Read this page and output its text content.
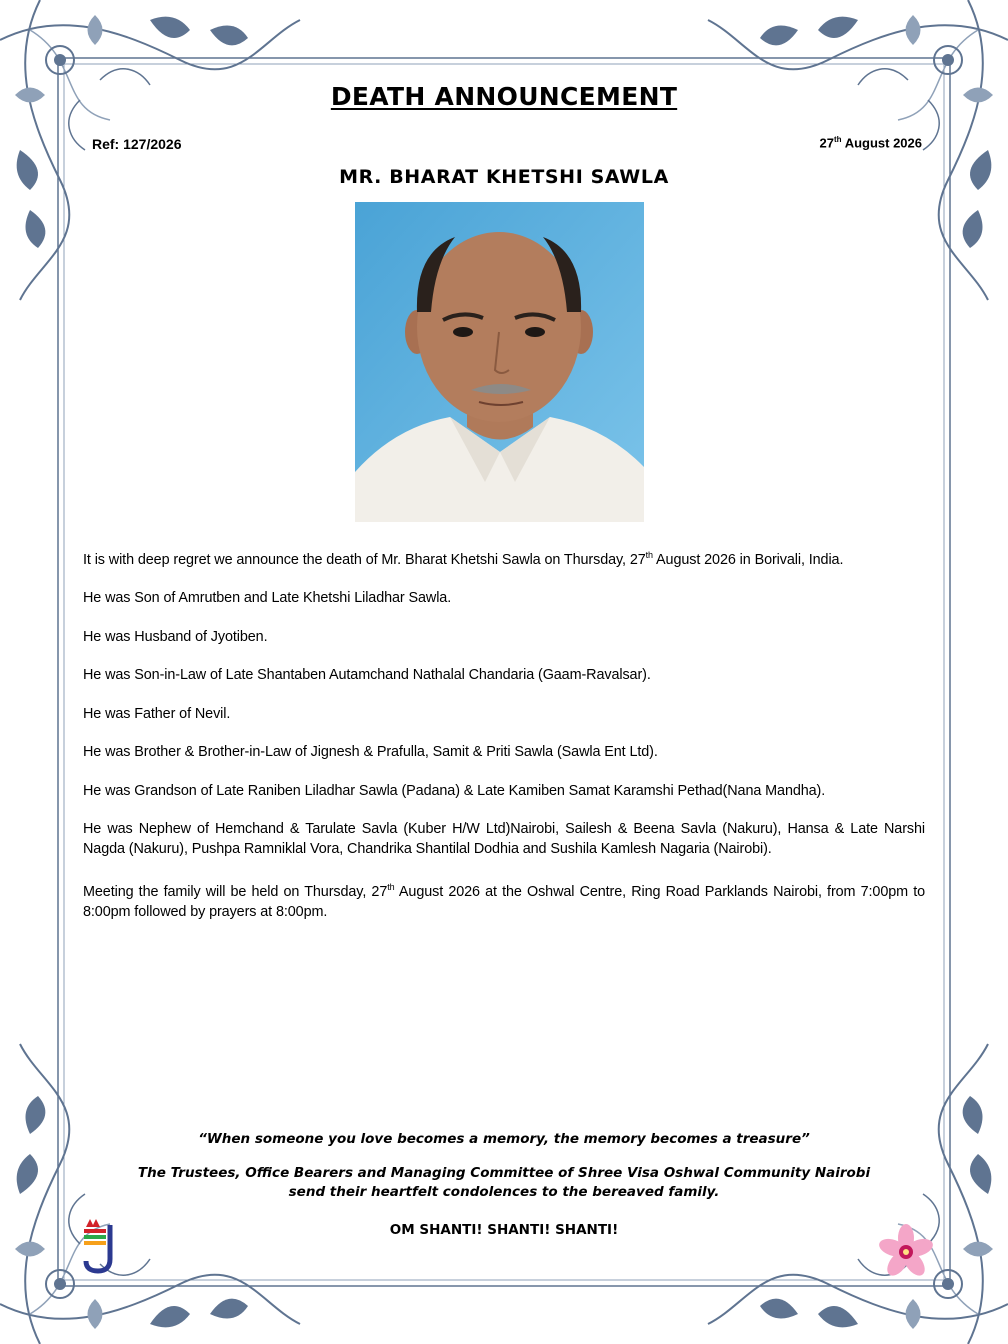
DEATH ANNOUNCEMENT
Ref: 127/2026	27th August 2026
MR. BHARAT KHETSHI SAWLA

It is with deep regret we announce the death of Mr. Bharat Khetshi Sawla on Thursday, 27th August 2026 in Borivali, India.

He was Son of Amrutben and Late Khetshi Liladhar Sawla.

He was Husband of Jyotiben.

He was Son-in-Law of Late Shantaben Autamchand Nathalal Chandaria (Gaam-Ravalsar).

He was Father of Nevil.

He was Brother & Brother-in-Law of Jignesh & Prafulla, Samit & Priti Sawla (Sawla Ent Ltd).

He was Grandson of Late Raniben Liladhar Sawla (Padana) & Late Kamiben Samat Karamshi Pethad(Nana Mandha).

He was Nephew of Hemchand & Tarulate Savla (Kuber H/W Ltd)Nairobi, Sailesh & Beena Savla (Nakuru), Hansa & Late Narshi Nagda (Nakuru), Pushpa Ramniklal Vora, Chandrika Shantilal Dodhia and Sushila Kamlesh Nagaria (Nairobi).

Meeting the family will be held on Thursday, 27th August 2026 at the Oshwal Centre, Ring Road Parklands Nairobi, from 7:00pm to 8:00pm followed by prayers at 8:00pm.

“When someone you love becomes a memory, the memory becomes a treasure”
The Trustees, Office Bearers and Managing Committee of Shree Visa Oshwal Community Nairobi
send their heartfelt condolences to the bereaved family.
OM SHANTI! SHANTI! SHANTI!
